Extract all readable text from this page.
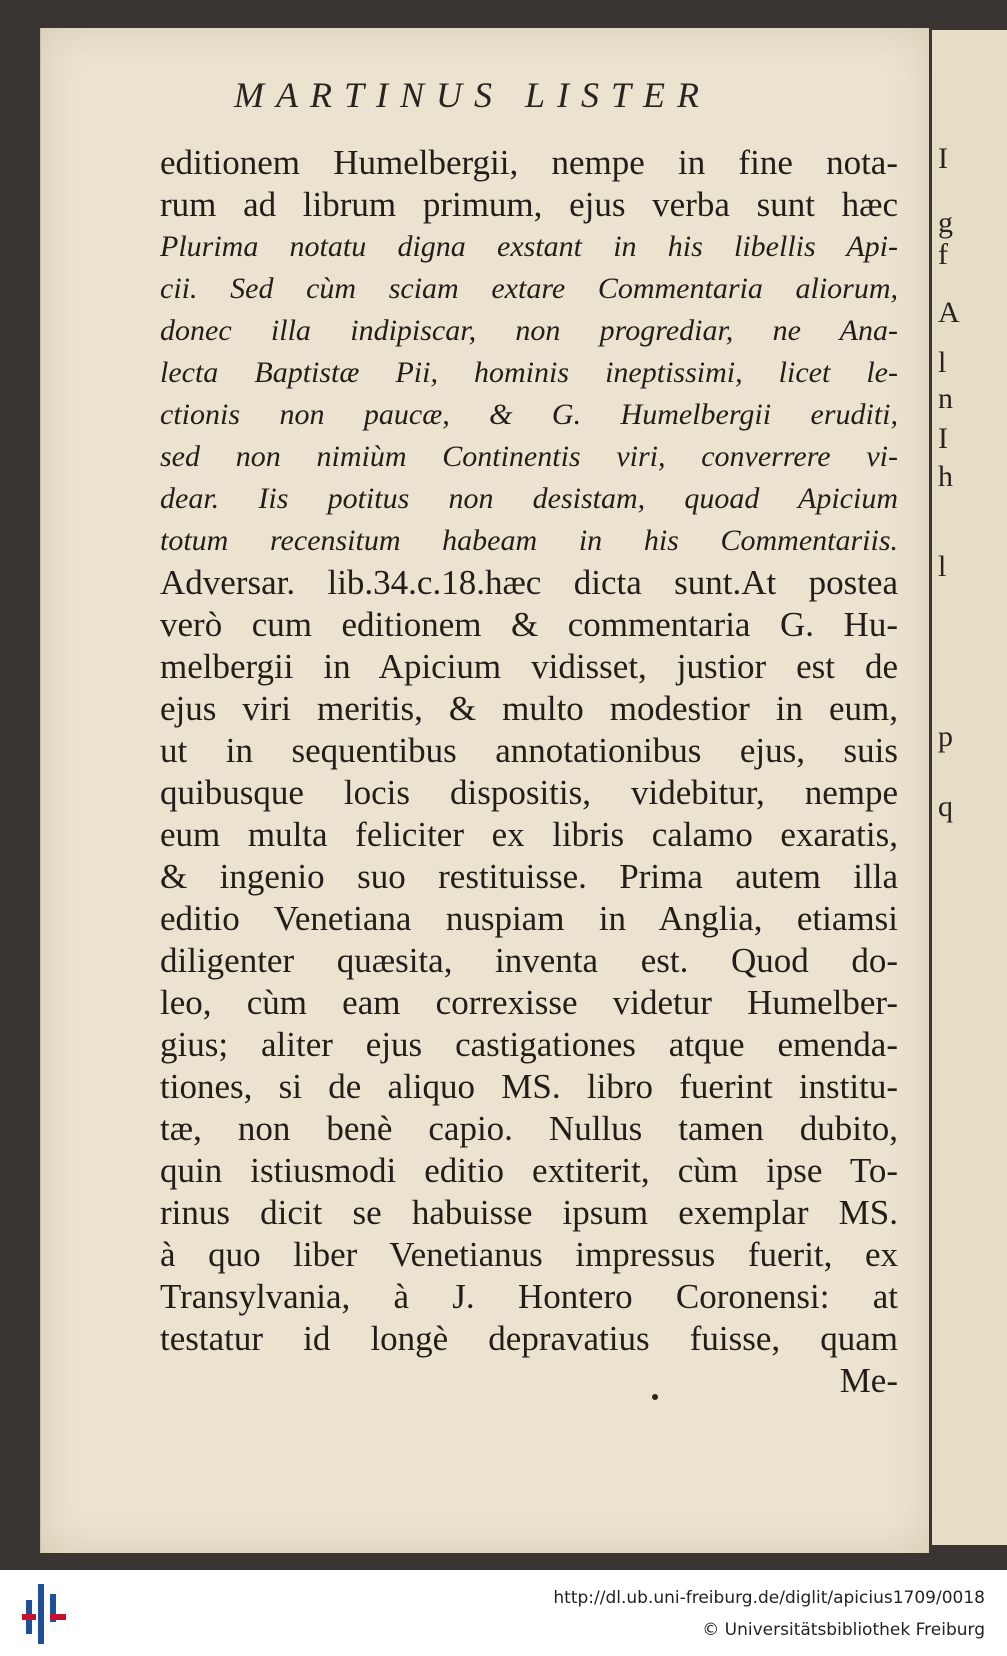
I
g
f
A
l
n
I
h
l
p
q
MARTINUS LISTER
editionem Humelbergii, nempe in fine nota-
rum ad librum primum, ejus verba sunt hæc
Plurima notatu digna exstant in his libellis Api-
cii. Sed cùm sciam extare Commentaria aliorum,
donec illa indipiscar, non progrediar, ne Ana-
lecta Baptistæ Pii, hominis ineptissimi, licet le-
ctionis non paucæ, & G. Humelbergii eruditi,
sed non nimiùm Continentis viri, converrere vi-
dear. Iis potitus non desistam, quoad Apicium
totum recensitum habeam in his Commentariis.
Adversar. lib.34.c.18.hæc dicta sunt.At postea
verò cum editionem & commentaria G. Hu-
melbergii in Apicium vidisset, justior est de
ejus viri meritis, & multo modestior in eum,
ut in sequentibus annotationibus ejus, suis
quibusque locis dispositis, videbitur, nempe
eum multa feliciter ex libris calamo exaratis,
& ingenio suo restituisse. Prima autem illa
editio Venetiana nuspiam in Anglia, etiamsi
diligenter quæsita, inventa est. Quod do-
leo, cùm eam correxisse videtur Humelber-
gius; aliter ejus castigationes atque emenda-
tiones, si de aliquo MS. libro fuerint institu-
tæ, non benè capio. Nullus tamen dubito,
quin istiusmodi editio extiterit, cùm ipse To-
rinus dicit se habuisse ipsum exemplar MS.
à quo liber Venetianus impressus fuerit, ex
Transylvania, à J. Hontero Coronensi: at
testatur id longè depravatius fuisse, quam
Me-
http://dl.ub.uni-freiburg.de/diglit/apicius1709/0018
© Universitätsbibliothek Freiburg
